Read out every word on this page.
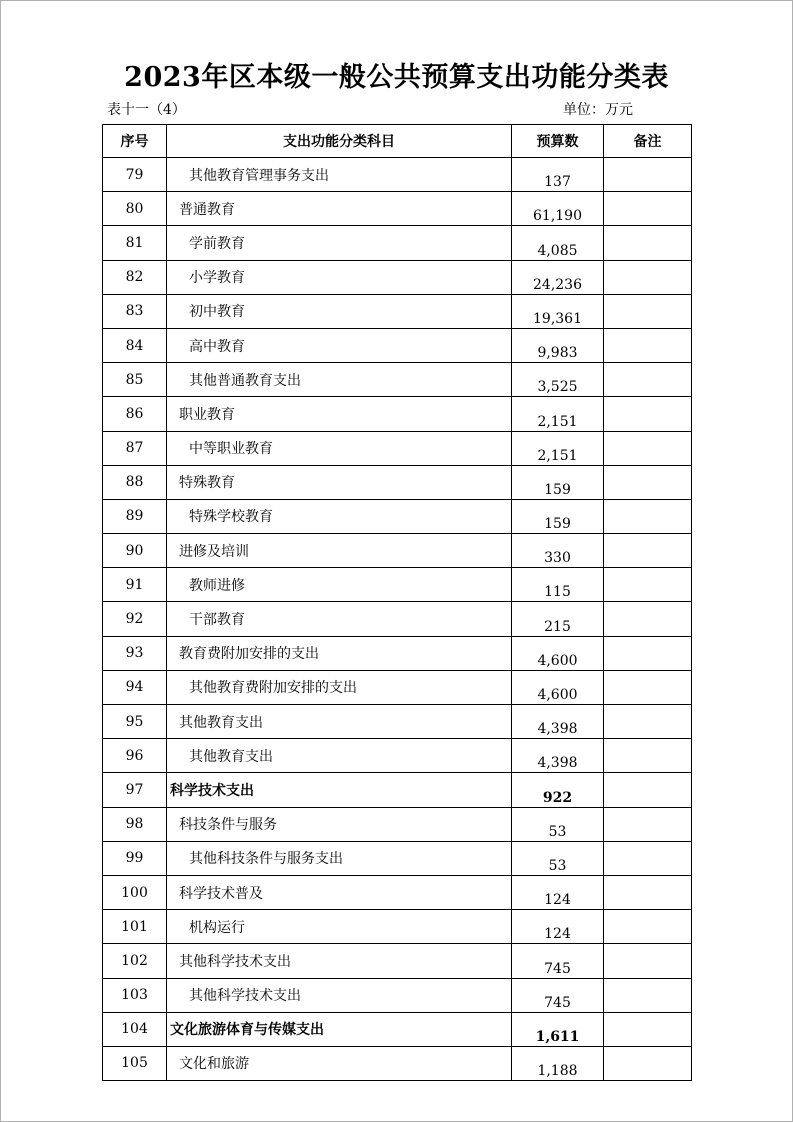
2023年区本级一般公共预算支出功能分类表
表十一（4）	单位：万元
序号	支出功能分类科目	预算数	备注
79	其他教育管理事务支出	137	
80	普通教育	61,190	
81	学前教育	4,085	
82	小学教育	24,236	
83	初中教育	19,361	
84	高中教育	9,983	
85	其他普通教育支出	3,525	
86	职业教育	2,151	
87	中等职业教育	2,151	
88	特殊教育	159	
89	特殊学校教育	159	
90	进修及培训	330	
91	教师进修	115	
92	干部教育	215	
93	教育费附加安排的支出	4,600	
94	其他教育费附加安排的支出	4,600	
95	其他教育支出	4,398	
96	其他教育支出	4,398	
97	科学技术支出	922	
98	科技条件与服务	53	
99	其他科技条件与服务支出	53	
100	科学技术普及	124	
101	机构运行	124	
102	其他科学技术支出	745	
103	其他科学技术支出	745	
104	文化旅游体育与传媒支出	1,611	
105	文化和旅游	1,188	
